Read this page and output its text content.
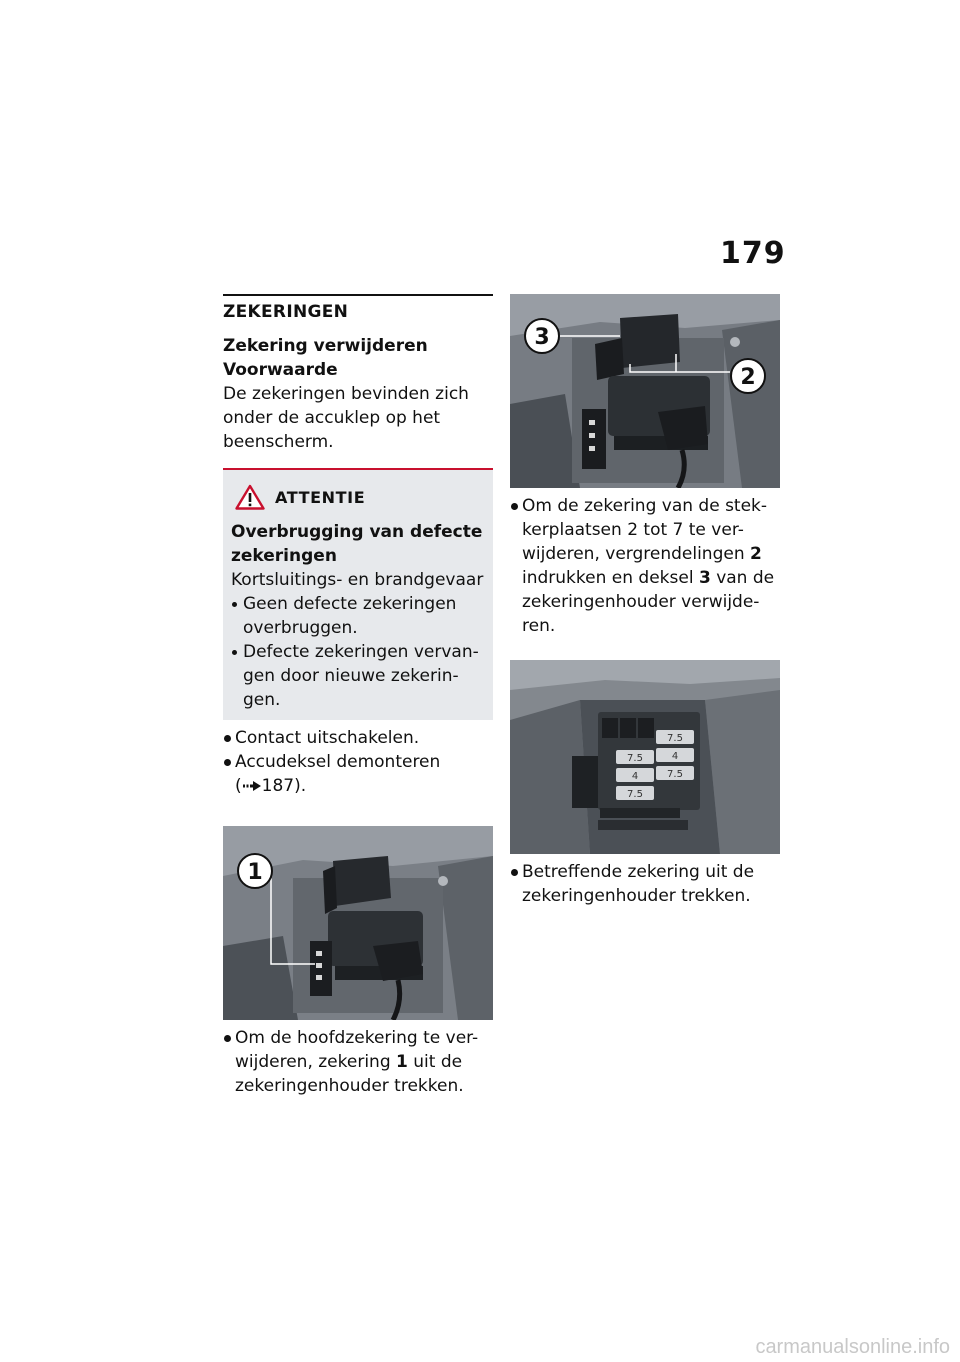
179
ZEKERINGEN
Zekering verwijderen
Voorwaarde
De zekeringen bevinden zich onder de accuklep op het beenscherm.
ATTENTIE
Overbrugging van defecte zekeringen
Kortsluitings- en brandgevaar
Geen defecte zekeringen overbruggen.
Defecte zekeringen vervan-gen door nieuwe zekerin-gen.
Contact uitschakelen.
Accudeksel demonteren
( 187).
1
Om de hoofdzekering te ver-wijderen, zekering 1 uit de zekeringenhouder trekken.
3
2
Om de zekering van de stek-kerplaatsen 2 tot 7 te ver-wijderen, vergrendelingen 2 indrukken en deksel 3 van de zekeringenhouder verwijde-ren.
7.5
7.5	4
4	7.5
7.5
Betreffende zekering uit de zekeringenhouder trekken.
carmanualsonline.info
